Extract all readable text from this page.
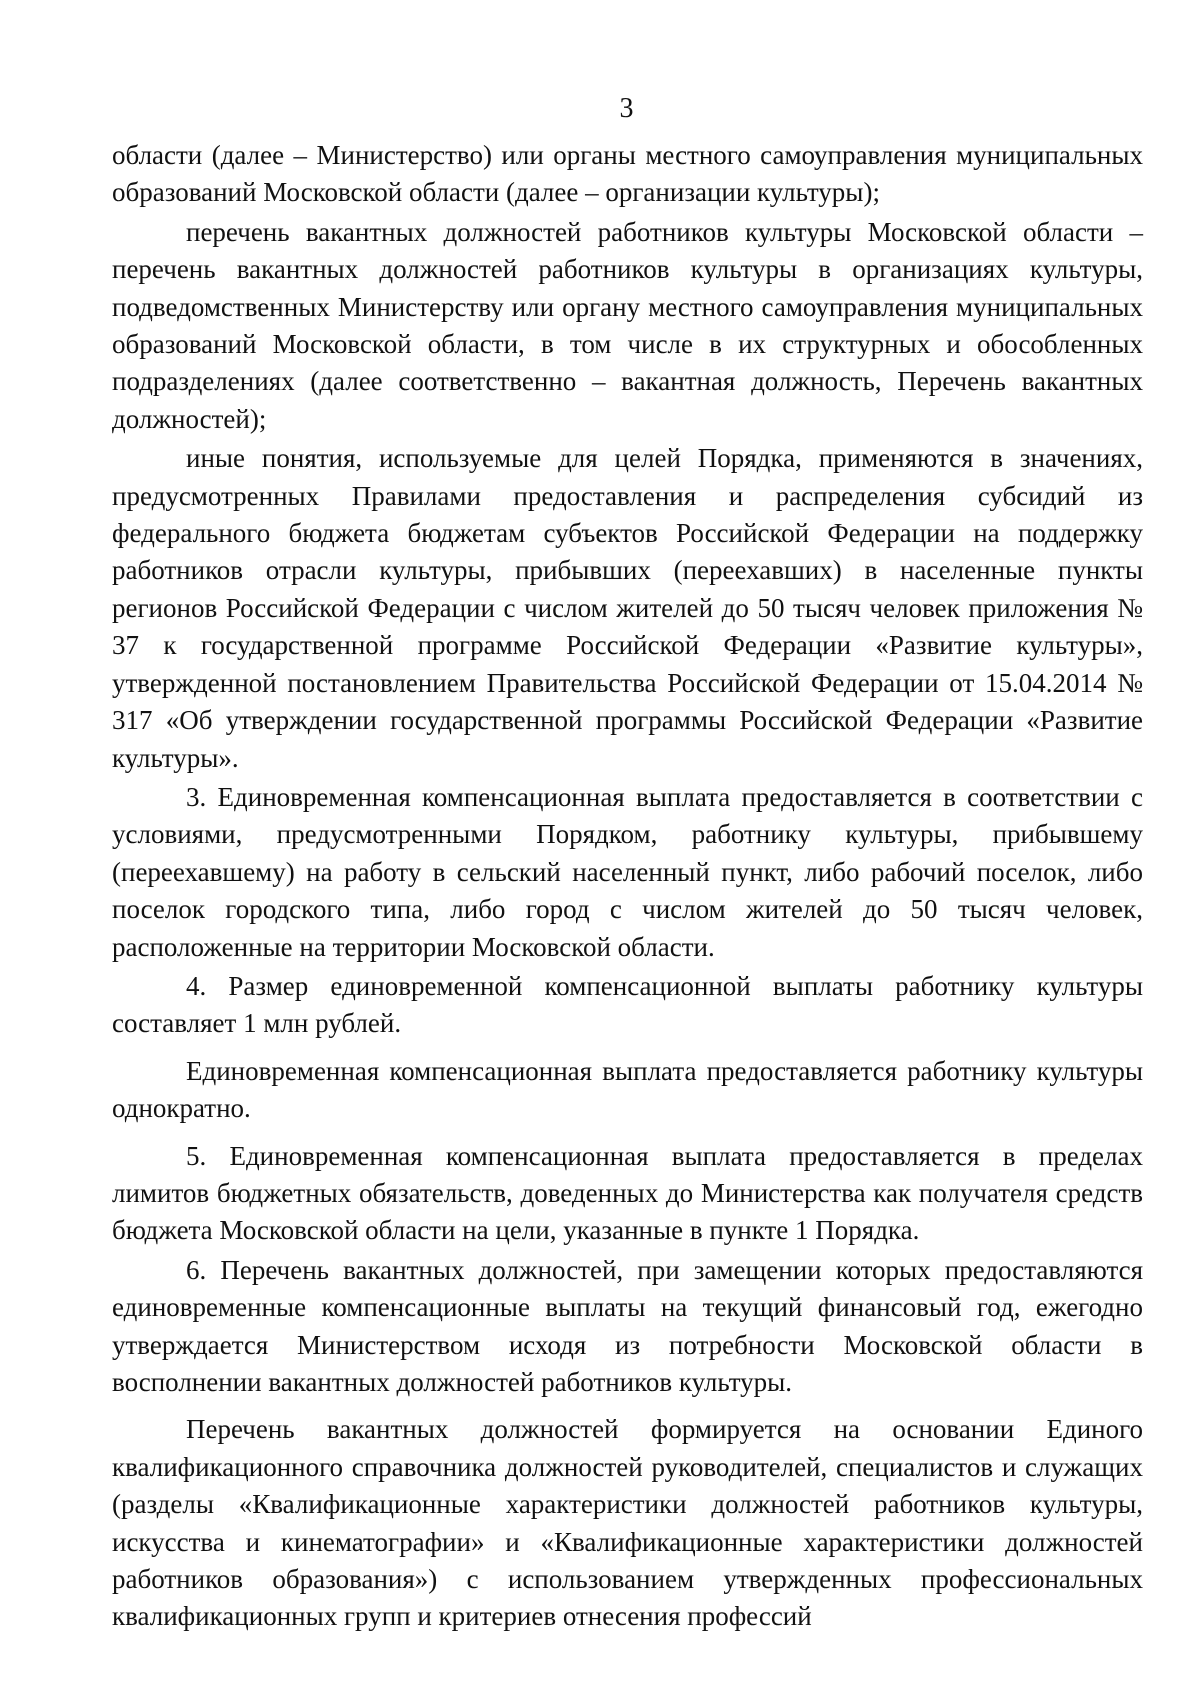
3

области (далее – Министерство) или органы местного самоуправления муниципальных образований Московской области (далее – организации культуры);

перечень вакантных должностей работников культуры Московской области – перечень вакантных должностей работников культуры в организациях культуры, подведомственных Министерству или органу местного самоуправления муниципальных образований Московской области, в том числе в их структурных и обособленных подразделениях (далее соответственно – вакантная должность, Перечень вакантных должностей);

иные понятия, используемые для целей Порядка, применяются в значениях, предусмотренных Правилами предоставления и распределения субсидий из федерального бюджета бюджетам субъектов Российской Федерации на поддержку работников отрасли культуры, прибывших (переехавших) в населенные пункты регионов Российской Федерации с числом жителей до 50 тысяч человек приложения № 37 к государственной программе Российской Федерации «Развитие культуры», утвержденной постановлением Правительства Российской Федерации от 15.04.2014 № 317 «Об утверждении государственной программы Российской Федерации «Развитие культуры».

3. Единовременная компенсационная выплата предоставляется в соответствии с условиями, предусмотренными Порядком, работнику культуры, прибывшему (переехавшему) на работу в сельский населенный пункт, либо рабочий поселок, либо поселок городского типа, либо город с числом жителей до 50 тысяч человек, расположенные на территории Московской области.

4. Размер единовременной компенсационной выплаты работнику культуры составляет 1 млн рублей.

Единовременная компенсационная выплата предоставляется работнику культуры однократно.

5. Единовременная компенсационная выплата предоставляется в пределах лимитов бюджетных обязательств, доведенных до Министерства как получателя средств бюджета Московской области на цели, указанные в пункте 1 Порядка.

6. Перечень вакантных должностей, при замещении которых предоставляются единовременные компенсационные выплаты на текущий финансовый год, ежегодно утверждается Министерством исходя из потребности Московской области в восполнении вакантных должностей работников культуры.

Перечень вакантных должностей формируется на основании Единого квалификационного справочника должностей руководителей, специалистов и служащих (разделы «Квалификационные характеристики должностей работников культуры, искусства и кинематографии» и «Квалификационные характеристики должностей работников образования») с использованием утвержденных профессиональных квалификационных групп и критериев отнесения профессий
